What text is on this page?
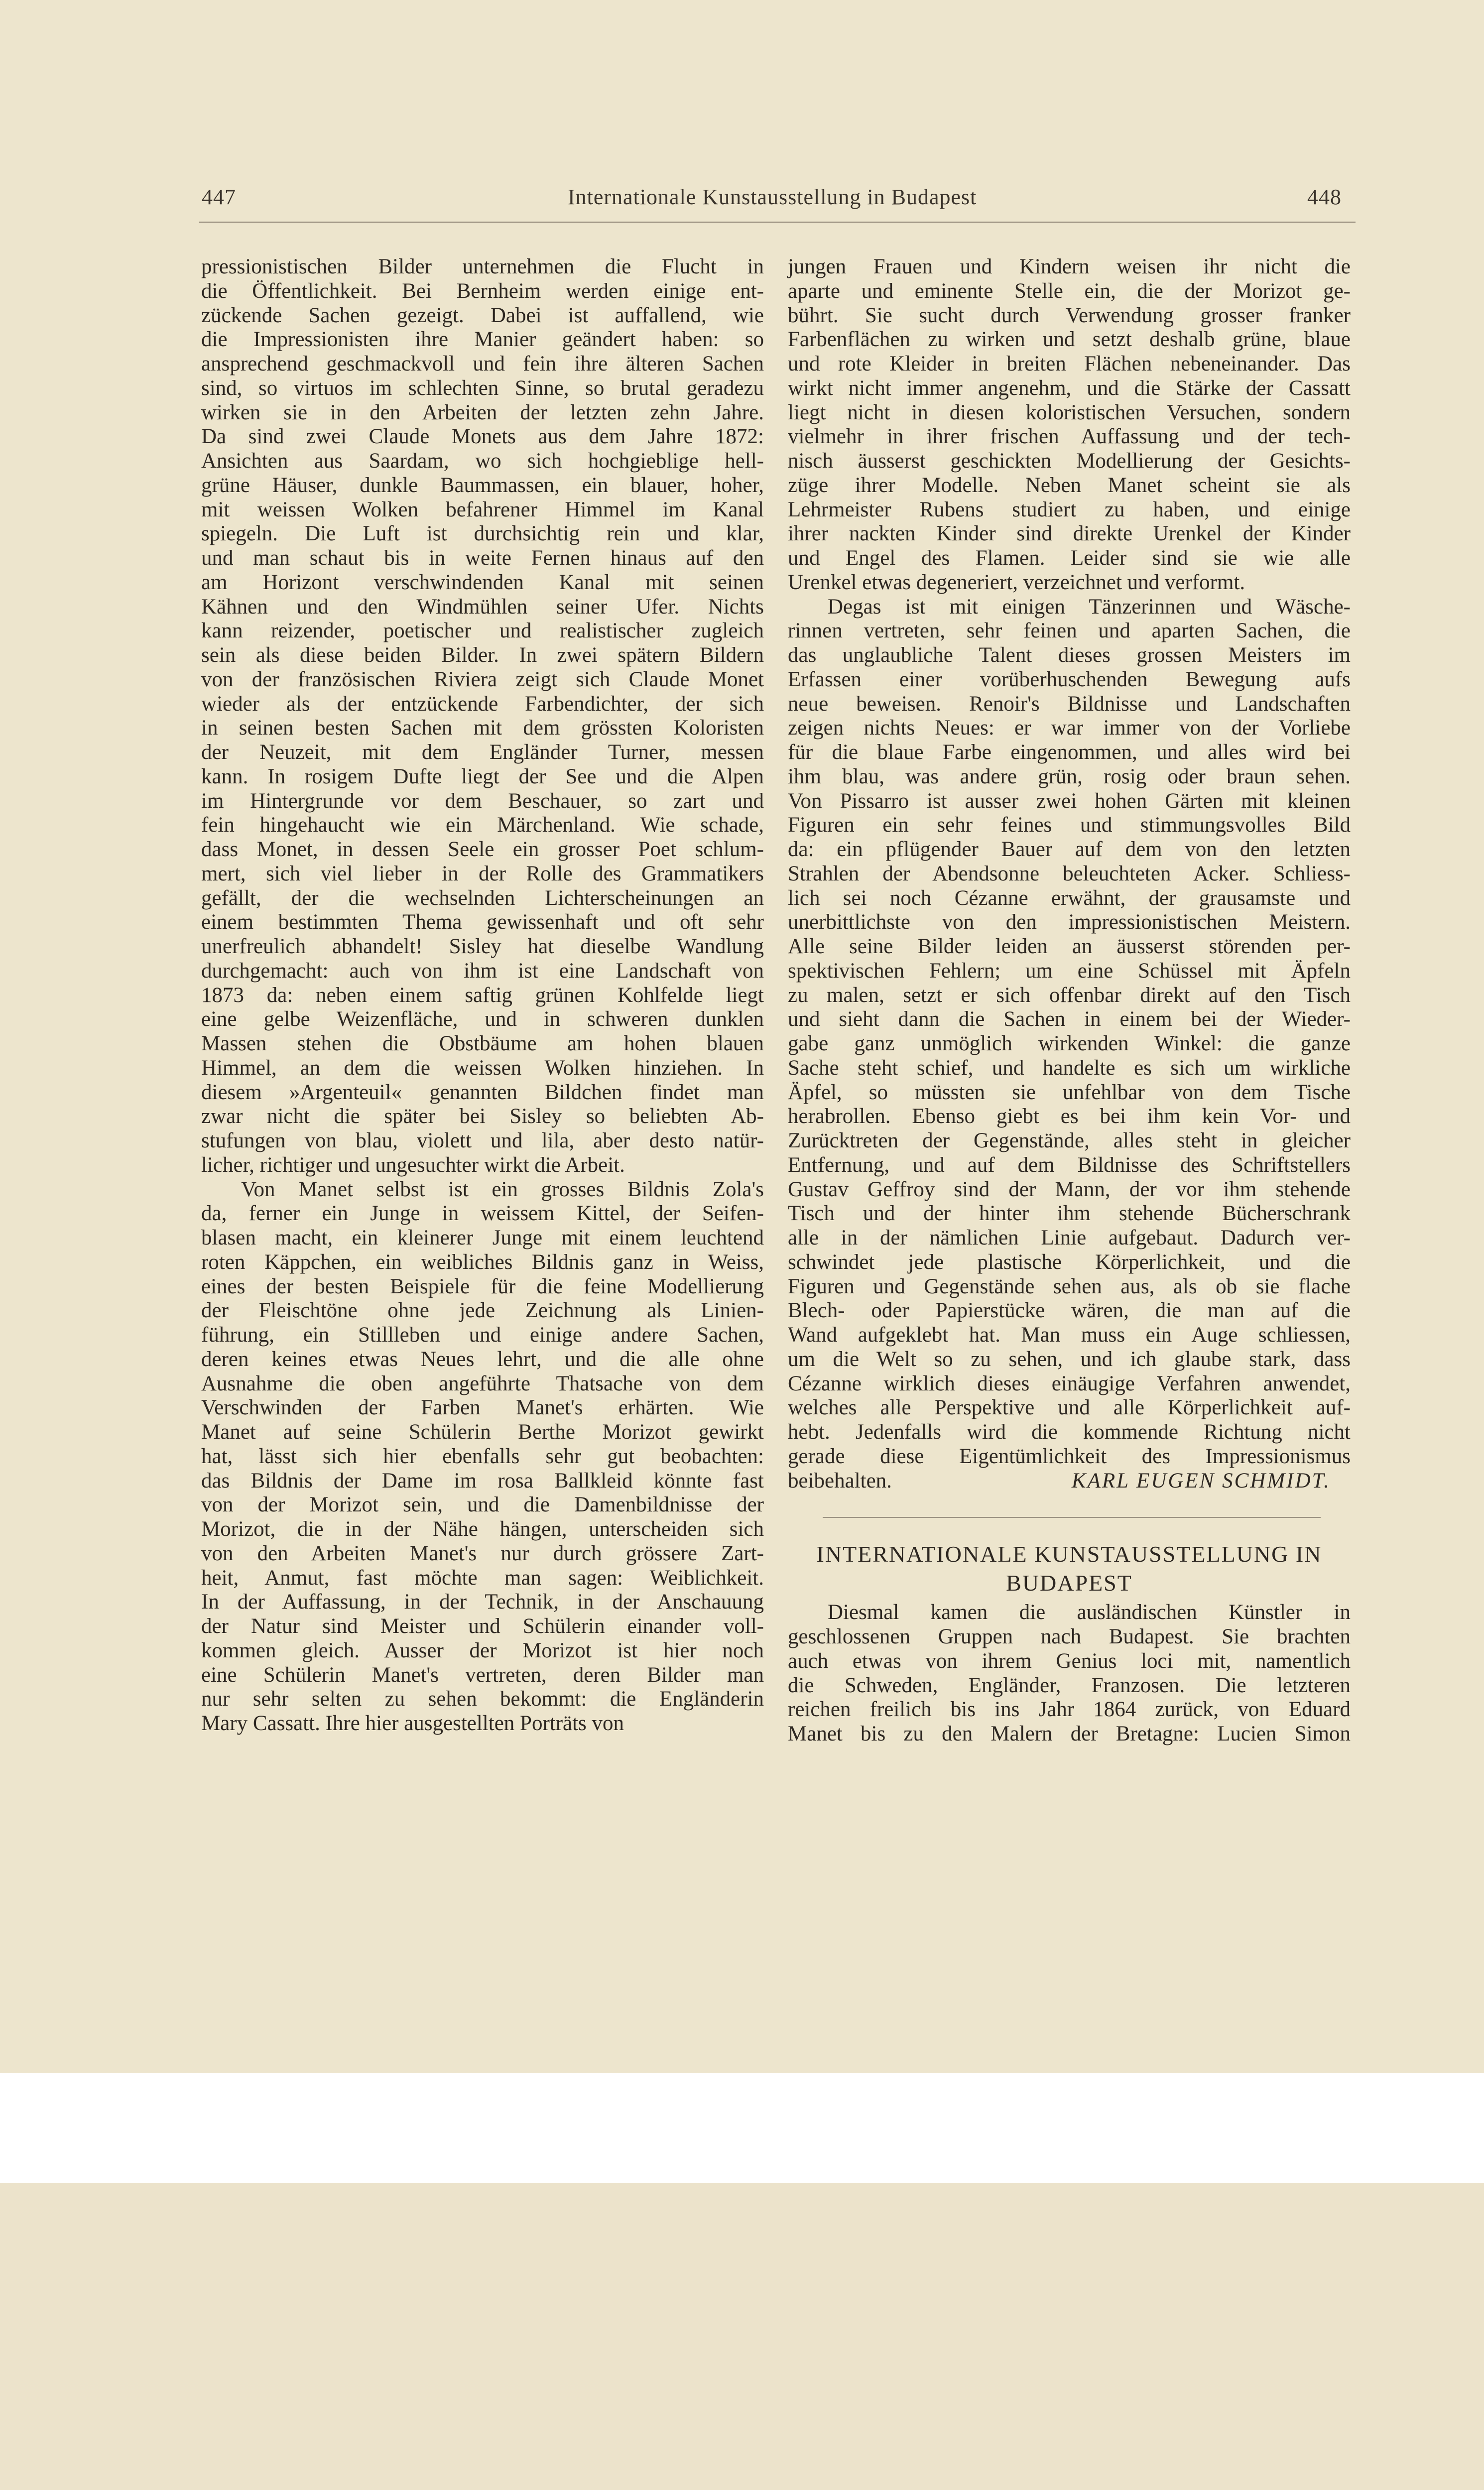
447	Internationale Kunstausstellung in Budapest	448
pressionistischen Bilder unternehmen die Flucht in
die Öffentlichkeit. Bei Bernheim werden einige ent-
zückende Sachen gezeigt. Dabei ist auffallend, wie
die Impressionisten ihre Manier geändert haben: so
ansprechend geschmackvoll und fein ihre älteren Sachen
sind, so virtuos im schlechten Sinne, so brutal geradezu
wirken sie in den Arbeiten der letzten zehn Jahre.
Da sind zwei Claude Monets aus dem Jahre 1872:
Ansichten aus Saardam, wo sich hochgieblige hell-
grüne Häuser, dunkle Baummassen, ein blauer, hoher,
mit weissen Wolken befahrener Himmel im Kanal
spiegeln. Die Luft ist durchsichtig rein und klar,
und man schaut bis in weite Fernen hinaus auf den
am Horizont verschwindenden Kanal mit seinen
Kähnen und den Windmühlen seiner Ufer. Nichts
kann reizender, poetischer und realistischer zugleich
sein als diese beiden Bilder. In zwei spätern Bildern
von der französischen Riviera zeigt sich Claude Monet
wieder als der entzückende Farbendichter, der sich
in seinen besten Sachen mit dem grössten Koloristen
der Neuzeit, mit dem Engländer Turner, messen
kann. In rosigem Dufte liegt der See und die Alpen
im Hintergrunde vor dem Beschauer, so zart und
fein hingehaucht wie ein Märchenland. Wie schade,
dass Monet, in dessen Seele ein grosser Poet schlum-
mert, sich viel lieber in der Rolle des Grammatikers
gefällt, der die wechselnden Lichterscheinungen an
einem bestimmten Thema gewissenhaft und oft sehr
unerfreulich abhandelt! Sisley hat dieselbe Wandlung
durchgemacht: auch von ihm ist eine Landschaft von
1873 da: neben einem saftig grünen Kohlfelde liegt
eine gelbe Weizenfläche, und in schweren dunklen
Massen stehen die Obstbäume am hohen blauen
Himmel, an dem die weissen Wolken hinziehen. In
diesem »Argenteuil« genannten Bildchen findet man
zwar nicht die später bei Sisley so beliebten Ab-
stufungen von blau, violett und lila, aber desto natür-
licher, richtiger und ungesuchter wirkt die Arbeit.
Von Manet selbst ist ein grosses Bildnis Zola's
da, ferner ein Junge in weissem Kittel, der Seifen-
blasen macht, ein kleinerer Junge mit einem leuchtend
roten Käppchen, ein weibliches Bildnis ganz in Weiss,
eines der besten Beispiele für die feine Modellierung
der Fleischtöne ohne jede Zeichnung als Linien-
führung, ein Stillleben und einige andere Sachen,
deren keines etwas Neues lehrt, und die alle ohne
Ausnahme die oben angeführte Thatsache von dem
Verschwinden der Farben Manet's erhärten. Wie
Manet auf seine Schülerin Berthe Morizot gewirkt
hat, lässt sich hier ebenfalls sehr gut beobachten:
das Bildnis der Dame im rosa Ballkleid könnte fast
von der Morizot sein, und die Damenbildnisse der
Morizot, die in der Nähe hängen, unterscheiden sich
von den Arbeiten Manet's nur durch grössere Zart-
heit, Anmut, fast möchte man sagen: Weiblichkeit.
In der Auffassung, in der Technik, in der Anschauung
der Natur sind Meister und Schülerin einander voll-
kommen gleich. Ausser der Morizot ist hier noch
eine Schülerin Manet's vertreten, deren Bilder man
nur sehr selten zu sehen bekommt: die Engländerin
Mary Cassatt. Ihre hier ausgestellten Porträts von
jungen Frauen und Kindern weisen ihr nicht die
aparte und eminente Stelle ein, die der Morizot ge-
bührt. Sie sucht durch Verwendung grosser franker
Farbenflächen zu wirken und setzt deshalb grüne, blaue
und rote Kleider in breiten Flächen nebeneinander. Das
wirkt nicht immer angenehm, und die Stärke der Cassatt
liegt nicht in diesen koloristischen Versuchen, sondern
vielmehr in ihrer frischen Auffassung und der tech-
nisch äusserst geschickten Modellierung der Gesichts-
züge ihrer Modelle. Neben Manet scheint sie als
Lehrmeister Rubens studiert zu haben, und einige
ihrer nackten Kinder sind direkte Urenkel der Kinder
und Engel des Flamen. Leider sind sie wie alle
Urenkel etwas degeneriert, verzeichnet und verformt.
Degas ist mit einigen Tänzerinnen und Wäsche-
rinnen vertreten, sehr feinen und aparten Sachen, die
das unglaubliche Talent dieses grossen Meisters im
Erfassen einer vorüberhuschenden Bewegung aufs
neue beweisen. Renoir's Bildnisse und Landschaften
zeigen nichts Neues: er war immer von der Vorliebe
für die blaue Farbe eingenommen, und alles wird bei
ihm blau, was andere grün, rosig oder braun sehen.
Von Pissarro ist ausser zwei hohen Gärten mit kleinen
Figuren ein sehr feines und stimmungsvolles Bild
da: ein pflügender Bauer auf dem von den letzten
Strahlen der Abendsonne beleuchteten Acker. Schliess-
lich sei noch Cézanne erwähnt, der grausamste und
unerbittlichste von den impressionistischen Meistern.
Alle seine Bilder leiden an äusserst störenden per-
spektivischen Fehlern; um eine Schüssel mit Äpfeln
zu malen, setzt er sich offenbar direkt auf den Tisch
und sieht dann die Sachen in einem bei der Wieder-
gabe ganz unmöglich wirkenden Winkel: die ganze
Sache steht schief, und handelte es sich um wirkliche
Äpfel, so müssten sie unfehlbar von dem Tische
herabrollen. Ebenso giebt es bei ihm kein Vor- und
Zurücktreten der Gegenstände, alles steht in gleicher
Entfernung, und auf dem Bildnisse des Schriftstellers
Gustav Geffroy sind der Mann, der vor ihm stehende
Tisch und der hinter ihm stehende Bücherschrank
alle in der nämlichen Linie aufgebaut. Dadurch ver-
schwindet jede plastische Körperlichkeit, und die
Figuren und Gegenstände sehen aus, als ob sie flache
Blech- oder Papierstücke wären, die man auf die
Wand aufgeklebt hat. Man muss ein Auge schliessen,
um die Welt so zu sehen, und ich glaube stark, dass
Cézanne wirklich dieses einäugige Verfahren anwendet,
welches alle Perspektive und alle Körperlichkeit auf-
hebt. Jedenfalls wird die kommende Richtung nicht
gerade diese Eigentümlichkeit des Impressionismus
beibehalten.	KARL EUGEN SCHMIDT.
INTERNATIONALE KUNSTAUSSTELLUNG IN
BUDAPEST
Diesmal kamen die ausländischen Künstler in
geschlossenen Gruppen nach Budapest. Sie brachten
auch etwas von ihrem Genius loci mit, namentlich
die Schweden, Engländer, Franzosen. Die letzteren
reichen freilich bis ins Jahr 1864 zurück, von Eduard
Manet bis zu den Malern der Bretagne: Lucien Simon
